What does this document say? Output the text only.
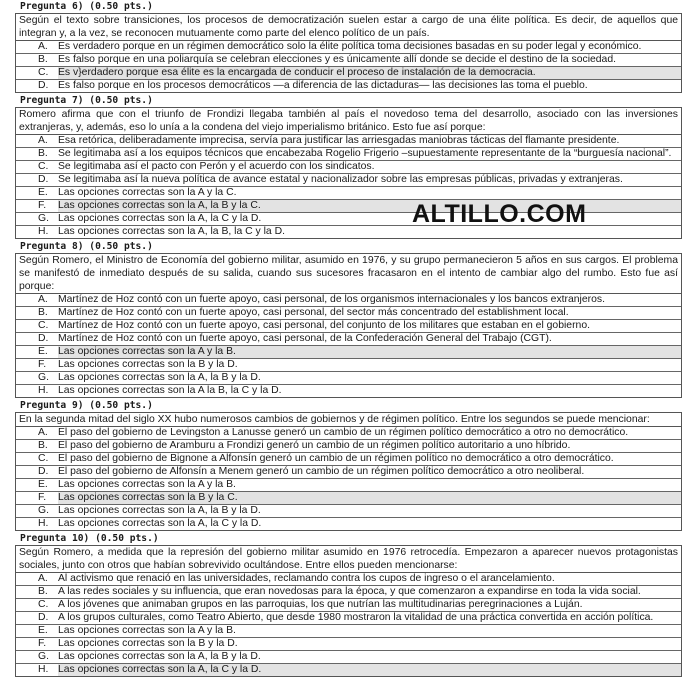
Pregunta 6) (0.50 pts.)
Según el texto sobre transiciones, los procesos de democratización suelen estar a cargo de una élite política. Es decir, de aquellos que integran y, a la vez, se reconocen mutuamente como parte del elenco político de un país.
A. Es verdadero porque en un régimen democrático solo la élite política toma decisiones basadas en su poder legal y económico.
B. Es falso porque en una poliarquía se celebran elecciones y es únicamente allí donde se decide el destino de la sociedad.
C. Es v}erdadero porque esa élite es la encargada de conducir el proceso de instalación de la democracia.
D. Es falso porque en los procesos democráticos —a diferencia de las dictaduras— las decisiones las toma el pueblo.
Pregunta 7) (0.50 pts.)
Romero afirma que con el triunfo de Frondizi llegaba también al país el novedoso tema del desarrollo, asociado con las inversiones extranjeras, y, además, eso lo unía a la condena del viejo imperialismo británico. Esto fue así porque:
A. Esa retórica, deliberadamente imprecisa, servía para justificar las arriesgadas maniobras tácticas del flamante presidente.
B. Se legitimaba así a los equipos técnicos que encabezaba Rogelio Frigerio –supuestamente representante de la “burguesía nacional”.
C. Se legitimaba así el pacto con Perón y el acuerdo con los sindicatos.
D. Se legitimaba así la nueva política de avance estatal y nacionalizador sobre las empresas públicas, privadas y extranjeras.
E. Las opciones correctas son la A y la C.
F.	Las opciones correctas son la A, la B y la C.
G. Las opciones correctas son la A, la C y la D.
H. Las opciones correctas son la A, la B, la C y la D.
Pregunta 8) (0.50 pts.)
Según Romero, el Ministro de Economía del gobierno militar, asumido en 1976, y su grupo permanecieron 5 años en sus cargos. El problema se manifestó de inmediato después de su salida, cuando sus sucesores fracasaron en el intento de cambiar algo del rumbo. Esto fue así porque:
A. Martínez de Hoz contó con un fuerte apoyo, casi personal, de los organismos internacionales y los bancos extranjeros.
B. Martínez de Hoz contó con un fuerte apoyo, casi personal, del sector más concentrado del establishment local.
C. Martínez de Hoz contó con un fuerte apoyo, casi personal, del conjunto de los militares que estaban en el gobierno.
D. Martínez de Hoz contó con un fuerte apoyo, casi personal, de la Confederación General del Trabajo (CGT).
E. Las opciones correctas son la A y la B.
F.	Las opciones correctas son la B y la D.
G. Las opciones correctas son la A, la B y la D.
H. Las opciones correctas son la A la B, la C y la D.
Pregunta 9) (0.50 pts.)
En la segunda mitad del siglo XX hubo numerosos cambios de gobiernos y de régimen político. Entre los segundos se puede mencionar:
A. El paso del gobierno de Levingston a Lanusse generó un cambio de un régimen político democrático a otro no democrático.
B. El paso del gobierno de Aramburu a Frondizi generó un cambio de un régimen político autoritario a uno híbrido.
C. El paso del gobierno de Bignone a Alfonsín generó un cambio de un régimen político no democrático a otro democrático.
D. El paso del gobierno de Alfonsín a Menem generó un cambio de un régimen político democrático a otro neoliberal.
E. Las opciones correctas son la A y la B.
F.	Las opciones correctas son la B y la C.
G. Las opciones correctas son la A, la B y la D.
H. Las opciones correctas son la A, la C y la D.
Pregunta 10) (0.50 pts.)
Según Romero, a medida que la represión del gobierno militar asumido en 1976 retrocedía. Empezaron a aparecer nuevos protagonistas sociales, junto con otros que habían sobrevivido ocultándose. Entre ellos pueden mencionarse:
A. Al activismo que renació en las universidades, reclamando contra los cupos de ingreso o el arancelamiento.
B. A las redes sociales y su influencia, que eran novedosas para la época, y que comenzaron a expandirse en toda la vida social.
C. A los jóvenes que animaban grupos en las parroquias, los que nutrían las multitudinarias peregrinaciones a Luján.
D. A los grupos culturales, como Teatro Abierto, que desde 1980 mostraron la vitalidad de una práctica convertida en acción política.
E. Las opciones correctas son la A y la B.
F.	Las opciones correctas son la B y la D.
G. Las opciones correctas son la A, la B y la D.
H. Las opciones correctas son la A, la C y la D.
ALTILLO.COM
